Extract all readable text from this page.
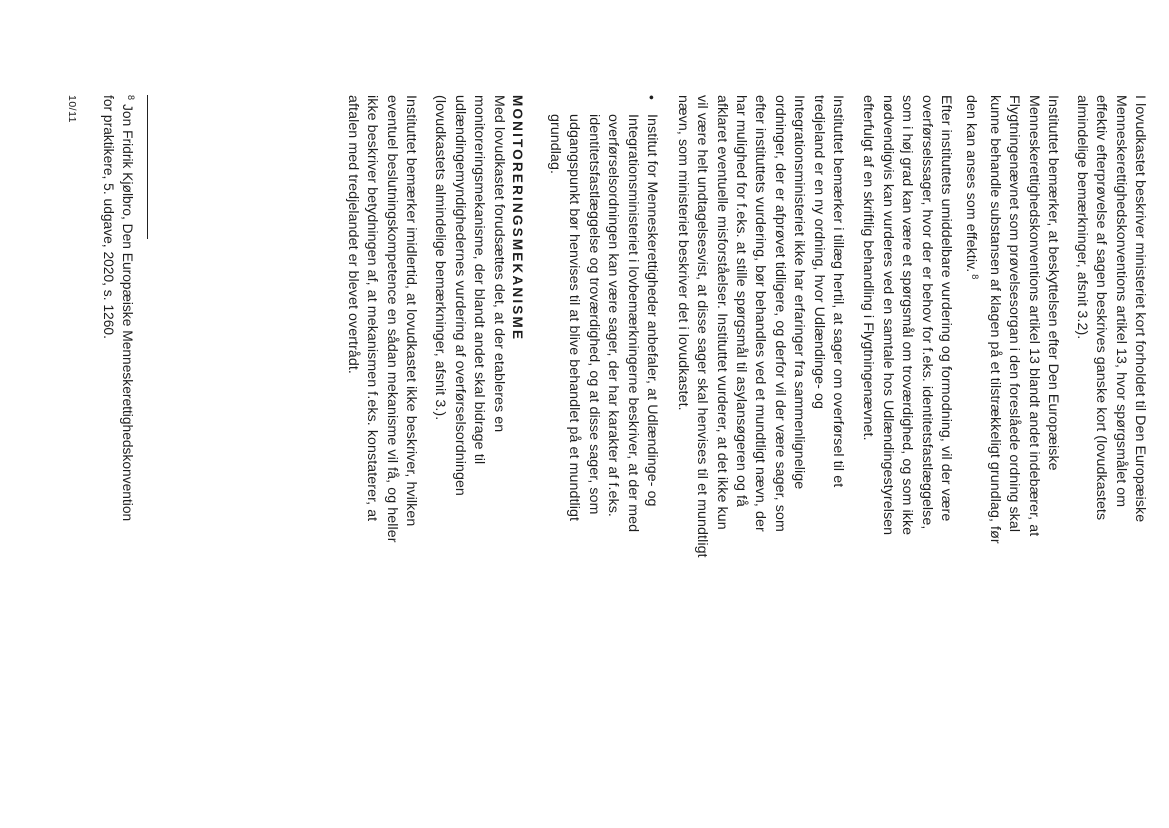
I lovudkastet beskriver ministeriet kort forholdet til Den Europæiske
Menneskerettighedskonventions artikel 13, hvor spørgsmålet om
effektiv efterprøvelse af sagen beskrives ganske kort (lovudkastets
almindelige bemærkninger, afsnit 3.2).
Instituttet bemærker, at beskyttelsen efter Den Europæiske
Menneskerettighedskonventions artikel 13 blandt andet indebærer, at
Flygtningenævnet som prøvelsesorgan i den foreslåede ordning skal
kunne behandle substansen af klagen på et tilstrækkeligt grundlag, før
den kan anses som effektiv.$^8$
Efter instituttets umiddelbare vurdering og formodning, vil der være
overførselssager, hvor der er behov for f.eks. identitetsfastlæggelse,
som i høj grad kan være et spørgsmål om troværdighed, og som ikke
nødvendigvis kan vurderes ved en samtale hos Udlændingestyrelsen
efterfulgt af en skriftlig behandling i Flygtningenævnet.
Instituttet bemærker i tillæg hertil, at sager om overførsel til et
tredjeland er en ny ordning, hvor Udlændinge- og
Integrationsministeriet ikke har erfaringer fra sammenlignelige
ordninger, der er afprøvet tidligere, og derfor vil der være sager, som
efter instituttets vurdering, bør behandles ved et mundtligt nævn, der
har mulighed for f.eks. at stille spørgsmål til asylansøgeren og få
afklaret eventuelle misforståelser. Instituttet vurderer, at det ikke kun
vil være helt undtagelsesvist, at disse sager skal henvises til et mundtligt
nævn, som ministeriet beskriver det i lovudkastet.
•
Institut for Menneskerettigheder anbefaler, at Udlændinge- og
Integrationsministeriet i lovbemærkningerne beskriver, at der med
overførselsordningen kan være sager, der har karakter af f.eks.
identitetsfastlæggelse og troværdighed, og at disse sager, som
udgangspunkt bør henvises til at blive behandlet på et mundtligt
grundlag.
MONITORERINGSMEKANISME
Med lovudkastet forudsættes det, at der etableres en
monitoreringsmekanisme, der blandt andet skal bidrage til
udlændingemyndighedernes vurdering af overførselsordningen
(lovudkastets almindelige bemærkninger, afsnit 3.).
Instituttet bemærker imidlertid, at lovudkastet ikke beskriver, hvilken
eventuel beslutningskompetence en sådan mekanisme vil få, og heller
ikke beskriver betydningen af, at mekanismen f.eks. konstaterer, at
aftalen med tredjelandet er blevet overtrådt.
$^8$Jon Fridrik Kjølbro, Den Europæiske Menneskerettighedskonvention
for praktikere, 5. udgave, 2020, s. 1260.
10/11
